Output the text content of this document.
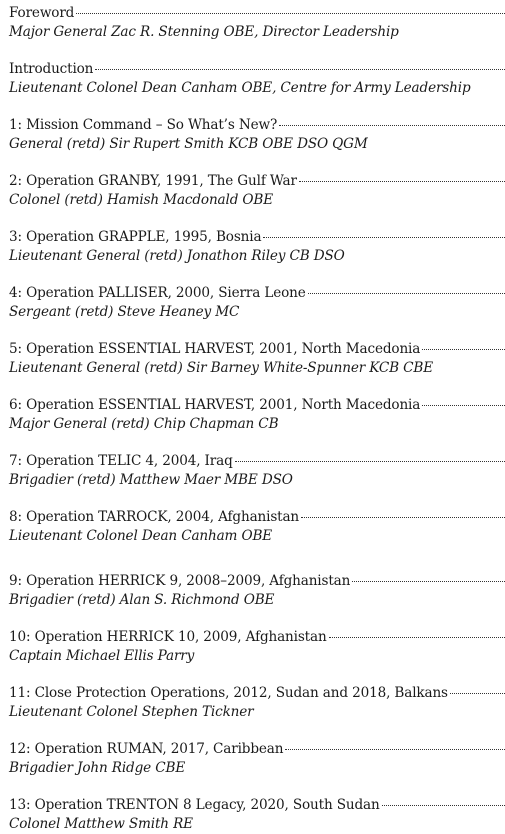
Foreword
Major General Zac R. Stenning OBE, Director Leadership
Introduction
Lieutenant Colonel Dean Canham OBE, Centre for Army Leadership
1: Mission Command – So What’s New?
General (retd) Sir Rupert Smith KCB OBE DSO QGM
2: Operation GRANBY, 1991, The Gulf War
Colonel (retd) Hamish Macdonald OBE
3: Operation GRAPPLE, 1995, Bosnia
Lieutenant General (retd) Jonathon Riley CB DSO
4: Operation PALLISER, 2000, Sierra Leone
Sergeant (retd) Steve Heaney MC
5: Operation ESSENTIAL HARVEST, 2001, North Macedonia
Lieutenant General (retd) Sir Barney White-Spunner KCB CBE
6: Operation ESSENTIAL HARVEST, 2001, North Macedonia
Major General (retd) Chip Chapman CB
7: Operation TELIC 4, 2004, Iraq
Brigadier (retd) Matthew Maer MBE DSO
8: Operation TARROCK, 2004, Afghanistan
Lieutenant Colonel Dean Canham OBE
9: Operation HERRICK 9, 2008–2009, Afghanistan
Brigadier (retd) Alan S. Richmond OBE
10: Operation HERRICK 10, 2009, Afghanistan
Captain Michael Ellis Parry
11: Close Protection Operations, 2012, Sudan and 2018, Balkans
Lieutenant Colonel Stephen Tickner
12: Operation RUMAN, 2017, Caribbean
Brigadier John Ridge CBE
13: Operation TRENTON 8 Legacy, 2020, South Sudan
Colonel Matthew Smith RE
